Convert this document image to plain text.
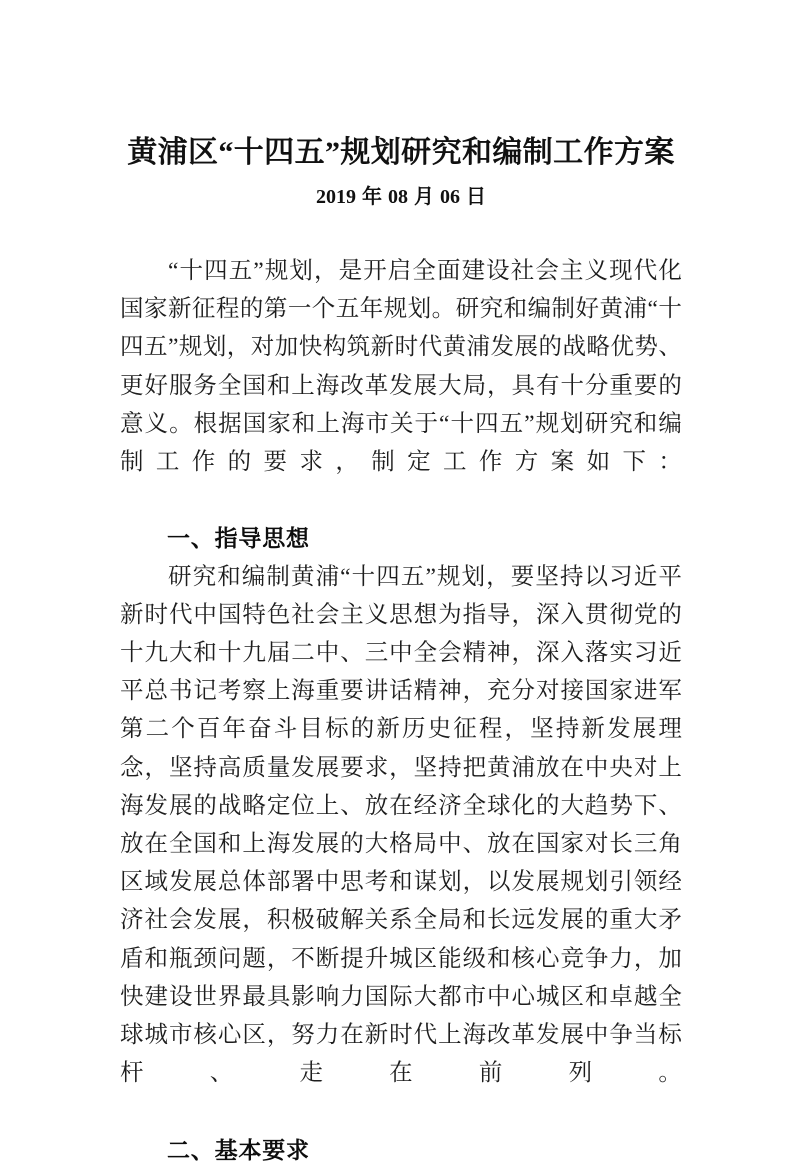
黄浦区“十四五”规划研究和编制工作方案
2019 年 08 月 06 日

“十四五”规划，是开启全面建设社会主义现代化国家新征程的第一个五年规划。研究和编制好黄浦“十四五”规划，对加快构筑新时代黄浦发展的战略优势、更好服务全国和上海改革发展大局，具有十分重要的意义。根据国家和上海市关于“十四五”规划研究和编制工作的要求，制定工作方案如下：

一、指导思想

研究和编制黄浦“十四五”规划，要坚持以习近平新时代中国特色社会主义思想为指导，深入贯彻党的十九大和十九届二中、三中全会精神，深入落实习近平总书记考察上海重要讲话精神，充分对接国家进军第二个百年奋斗目标的新历史征程，坚持新发展理念，坚持高质量发展要求，坚持把黄浦放在中央对上海发展的战略定位上、放在经济全球化的大趋势下、放在全国和上海发展的大格局中、放在国家对长三角区域发展总体部署中思考和谋划，以发展规划引领经济社会发展，积极破解关系全局和长远发展的重大矛盾和瓶颈问题，不断提升城区能级和核心竞争力，加快建设世界最具影响力国际大都市中心城区和卓越全球城市核心区，努力在新时代上海改革发展中争当标杆、走在前列。

二、基本要求
